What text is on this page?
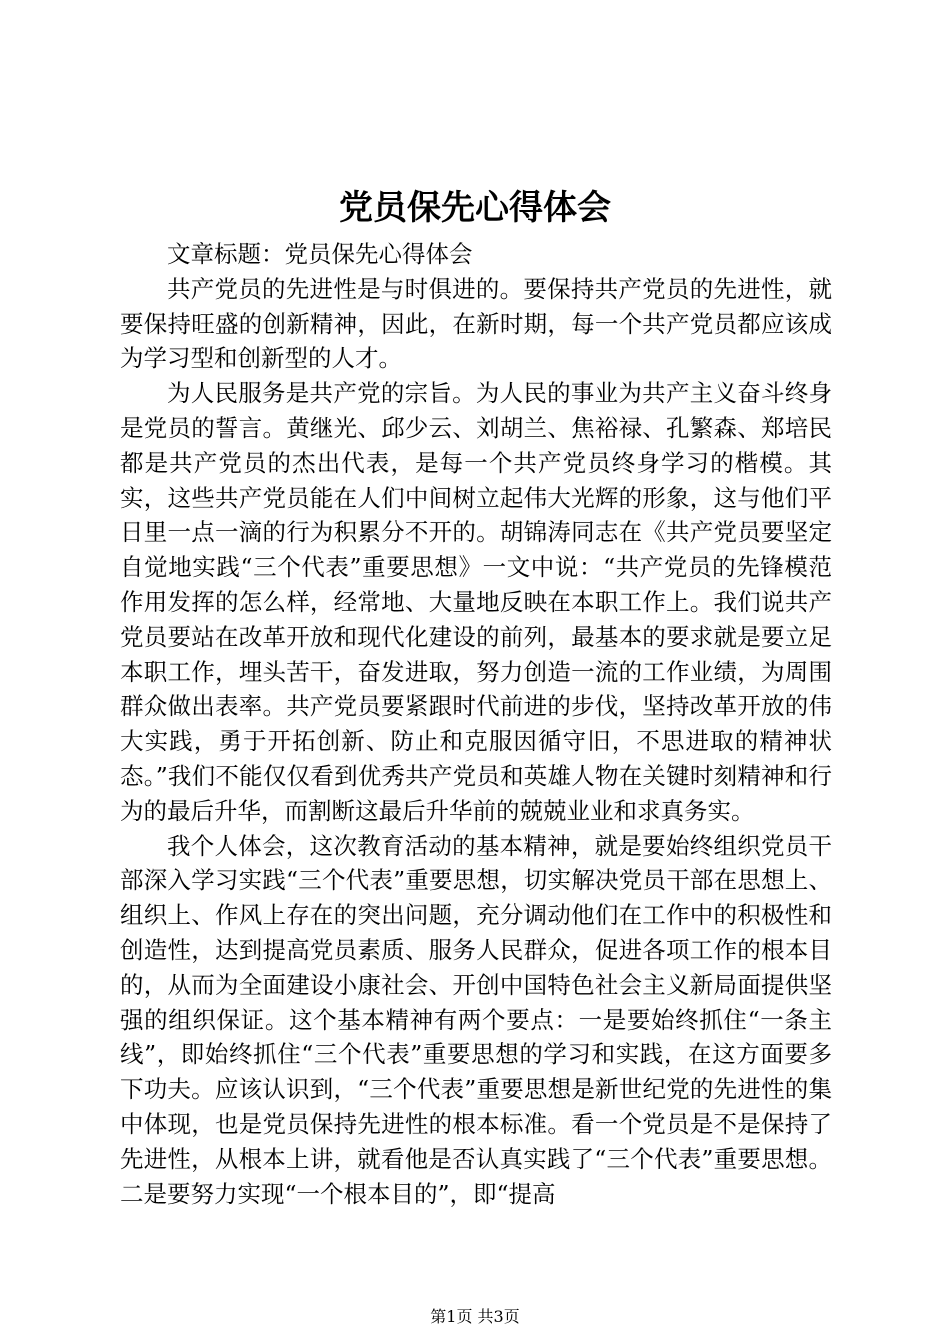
党员保先心得体会

文章标题：党员保先心得体会

共产党员的先进性是与时俱进的。要保持共产党员的先进性，就要保持旺盛的创新精神，因此，在新时期，每一个共产党员都应该成为学习型和创新型的人才。

为人民服务是共产党的宗旨。为人民的事业为共产主义奋斗终身是党员的誓言。黄继光、邱少云、刘胡兰、焦裕禄、孔繁森、郑培民都是共产党员的杰出代表，是每一个共产党员终身学习的楷模。其实，这些共产党员能在人们中间树立起伟大光辉的形象，这与他们平日里一点一滴的行为积累分不开的。胡锦涛同志在《共产党员要坚定自觉地实践“三个代表”重要思想》一文中说：“共产党员的先锋模范作用发挥的怎么样，经常地、大量地反映在本职工作上。我们说共产党员要站在改革开放和现代化建设的前列，最基本的要求就是要立足本职工作，埋头苦干，奋发进取，努力创造一流的工作业绩，为周围群众做出表率。共产党员要紧跟时代前进的步伐，坚持改革开放的伟大实践，勇于开拓创新、防止和克服因循守旧，不思进取的精神状态。”我们不能仅仅看到优秀共产党员和英雄人物在关键时刻精神和行为的最后升华，而割断这最后升华前的兢兢业业和求真务实。

我个人体会，这次教育活动的基本精神，就是要始终组织党员干部深入学习实践“三个代表”重要思想，切实解决党员干部在思想上、组织上、作风上存在的突出问题，充分调动他们在工作中的积极性和创造性，达到提高党员素质、服务人民群众，促进各项工作的根本目的，从而为全面建设小康社会、开创中国特色社会主义新局面提供坚强的组织保证。这个基本精神有两个要点：一是要始终抓住“一条主线”，即始终抓住“三个代表”重要思想的学习和实践，在这方面要多下功夫。应该认识到，“三个代表”重要思想是新世纪党的先进性的集中体现，也是党员保持先进性的根本标准。看一个党员是不是保持了先进性，从根本上讲，就看他是否认真实践了“三个代表”重要思想。二是要努力实现“一个根本目的”，即“提高

第1页 共3页
